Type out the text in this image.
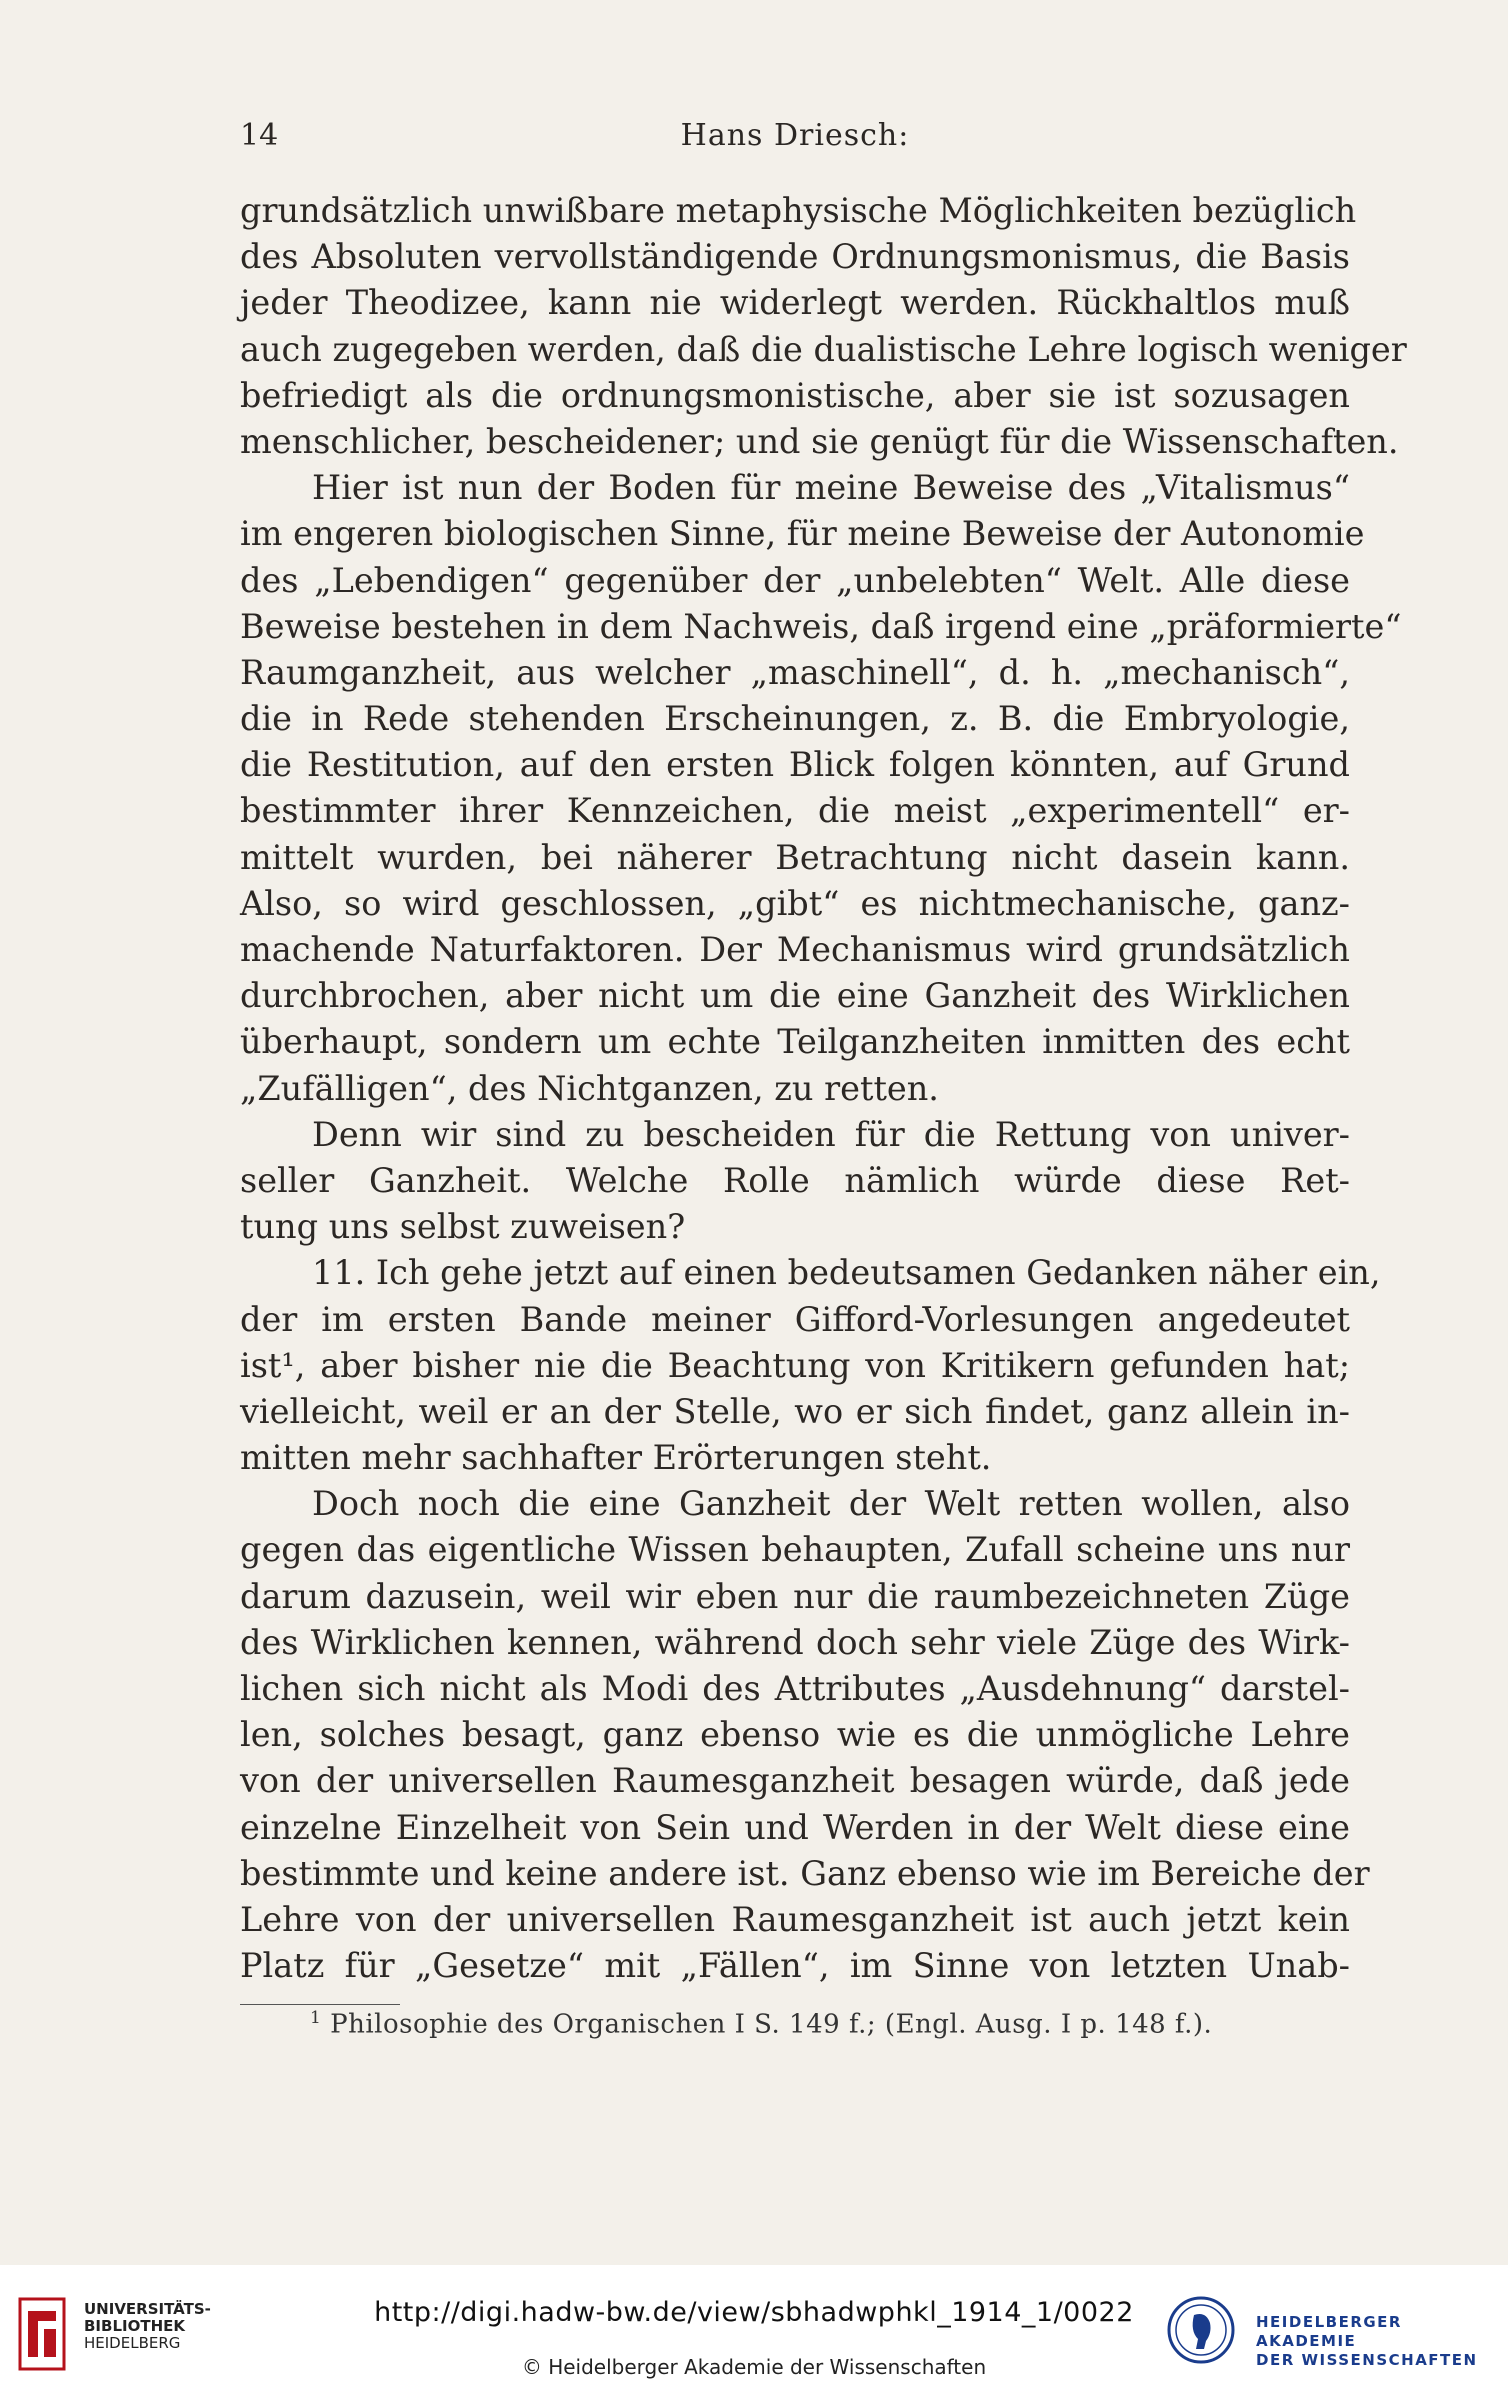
14	Hans Driesch:
grundsätzlich unwißbare metaphysische Möglichkeiten bezüglich
des Absoluten vervollständigende Ordnungsmonismus, die Basis
jeder Theodizee, kann nie widerlegt werden. Rückhaltlos muß
auch zugegeben werden, daß die dualistische Lehre logisch weniger
befriedigt als die ordnungsmonistische, aber sie ist sozusagen
menschlicher, bescheidener; und sie genügt für die Wissenschaften.
Hier ist nun der Boden für meine Beweise des „Vitalismus“
im engeren biologischen Sinne, für meine Beweise der Autonomie
des „Lebendigen“ gegenüber der „unbelebten“ Welt. Alle diese
Beweise bestehen in dem Nachweis, daß irgend eine „präformierte“
Raumganzheit, aus welcher „maschinell“, d. h. „mechanisch“,
die in Rede stehenden Erscheinungen, z. B. die Embryologie,
die Restitution, auf den ersten Blick folgen könnten, auf Grund
bestimmter ihrer Kennzeichen, die meist „experimentell“ er-
mittelt wurden, bei näherer Betrachtung nicht dasein kann.
Also, so wird geschlossen, „gibt“ es nichtmechanische, ganz-
machende Naturfaktoren. Der Mechanismus wird grundsätzlich
durchbrochen, aber nicht um die eine Ganzheit des Wirklichen
überhaupt, sondern um echte Teilganzheiten inmitten des echt
„Zufälligen“, des Nichtganzen, zu retten.
Denn wir sind zu bescheiden für die Rettung von univer-
seller Ganzheit. Welche Rolle nämlich würde diese Ret-
tung uns selbst zuweisen?
11. Ich gehe jetzt auf einen bedeutsamen Gedanken näher ein,
der im ersten Bande meiner Gifford-Vorlesungen angedeutet
ist¹, aber bisher nie die Beachtung von Kritikern gefunden hat;
vielleicht, weil er an der Stelle, wo er sich findet, ganz allein in-
mitten mehr sachhafter Erörterungen steht.
Doch noch die eine Ganzheit der Welt retten wollen, also
gegen das eigentliche Wissen behaupten, Zufall scheine uns nur
darum dazusein, weil wir eben nur die raumbezeichneten Züge
des Wirklichen kennen, während doch sehr viele Züge des Wirk-
lichen sich nicht als Modi des Attributes „Ausdehnung“ darstel-
len, solches besagt, ganz ebenso wie es die unmögliche Lehre
von der universellen Raumesganzheit besagen würde, daß jede
einzelne Einzelheit von Sein und Werden in der Welt diese eine
bestimmte und keine andere ist. Ganz ebenso wie im Bereiche der
Lehre von der universellen Raumesganzheit ist auch jetzt kein
Platz für „Gesetze“ mit „Fällen“, im Sinne von letzten Unab-
$^1$ Philosophie des Organischen I S. 149 f.; (Engl. Ausg. I p. 148 f.).
UNIVERSITÄTS-
BIBLIOTHEK
HEIDELBERG
http://digi.hadw-bw.de/view/sbhadwphkl_1914_1/0022
© Heidelberger Akademie der Wissenschaften
HEIDELBERGER AKADEMIE
DER WISSENSCHAFTEN
